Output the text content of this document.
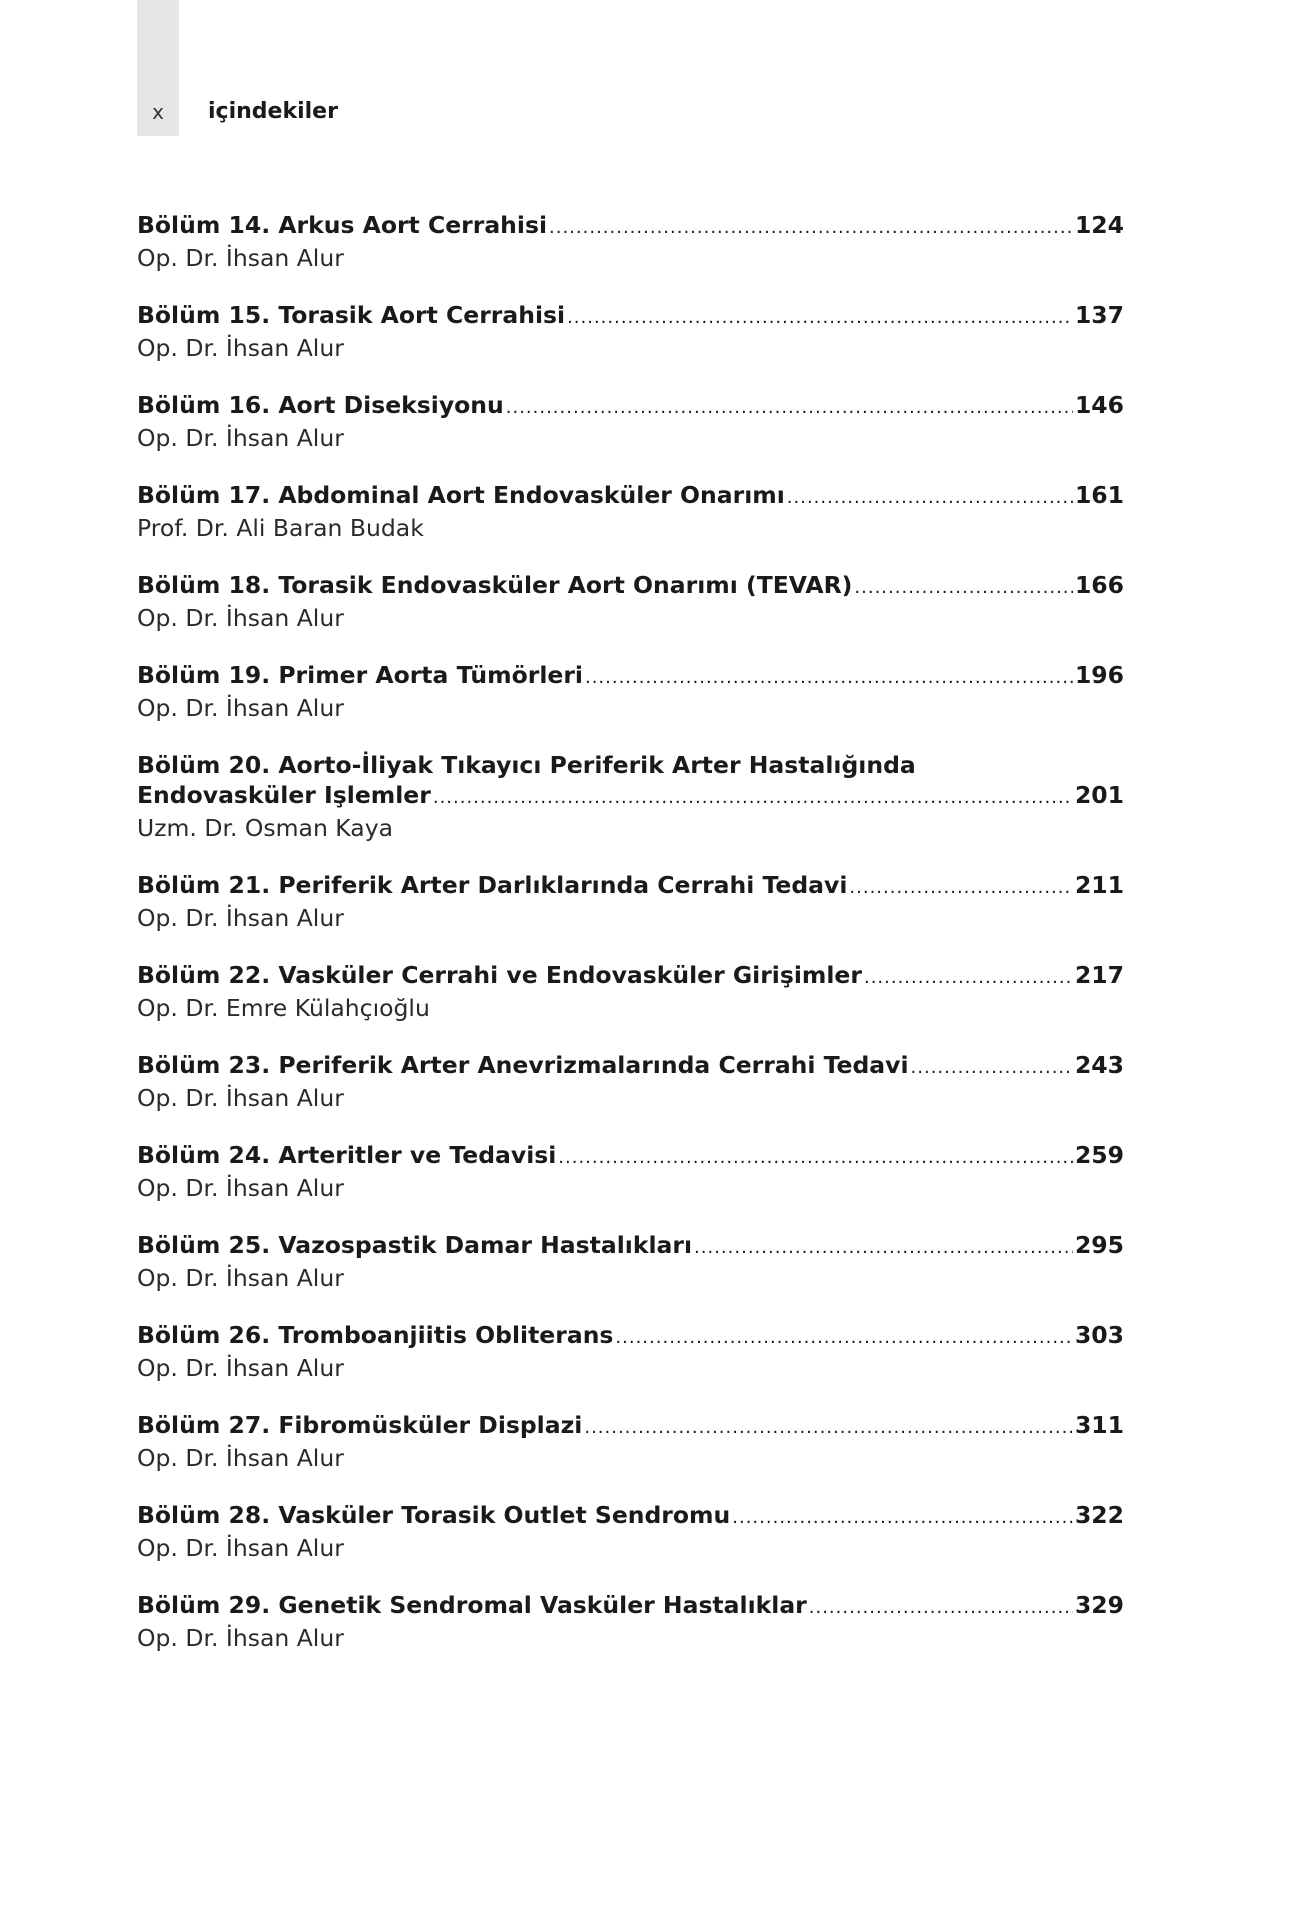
x	içindekiler
Bölüm 14. Arkus Aort Cerrahisi .....	124
Op. Dr. İhsan Alur
Bölüm 15. Torasik Aort Cerrahisi .....	137
Op. Dr. İhsan Alur
Bölüm 16. Aort Diseksiyonu .....	146
Op. Dr. İhsan Alur
Bölüm 17. Abdominal Aort Endovasküler Onarımı .....	161
Prof. Dr. Ali Baran Budak
Bölüm 18. Torasik Endovasküler Aort Onarımı (TEVAR) .....	166
Op. Dr. İhsan Alur
Bölüm 19. Primer Aorta Tümörleri .....	196
Op. Dr. İhsan Alur
Bölüm 20. Aorto-İliyak Tıkayıcı Periferik Arter Hastalığında
Endovasküler Işlemler .....	201
Uzm. Dr. Osman Kaya
Bölüm 21. Periferik Arter Darlıklarında Cerrahi Tedavi .....	211
Op. Dr. İhsan Alur
Bölüm 22. Vasküler Cerrahi ve Endovasküler Girişimler .....	217
Op. Dr. Emre Külahçıoğlu
Bölüm 23. Periferik Arter Anevrizmalarında Cerrahi Tedavi .....	243
Op. Dr. İhsan Alur
Bölüm 24. Arteritler ve Tedavisi .....	259
Op. Dr. İhsan Alur
Bölüm 25. Vazospastik Damar Hastalıkları .....	295
Op. Dr. İhsan Alur
Bölüm 26. Tromboanjiitis Obliterans .....	303
Op. Dr. İhsan Alur
Bölüm 27. Fibromüsküler Displazi .....	311
Op. Dr. İhsan Alur
Bölüm 28. Vasküler Torasik Outlet Sendromu .....	322
Op. Dr. İhsan Alur
Bölüm 29. Genetik Sendromal Vasküler Hastalıklar .....	329
Op. Dr. İhsan Alur
